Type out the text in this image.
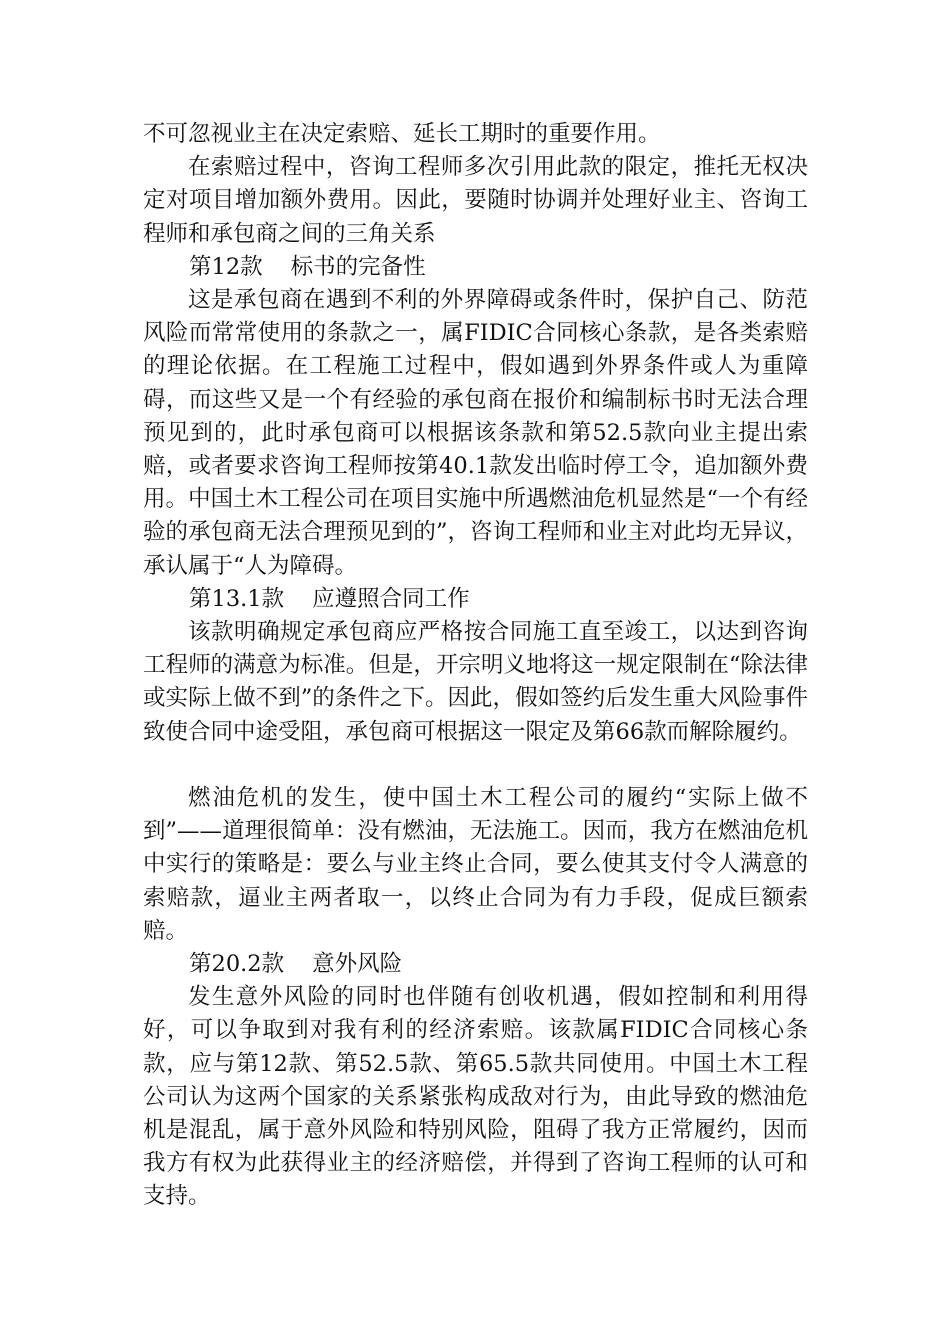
不可忽视业主在决定索赔、延长工期时的重要作用。

在索赔过程中，咨询工程师多次引用此款的限定，推托无权决定对项目增加额外费用。因此，要随时协调并处理好业主、咨询工程师和承包商之间的三角关系

第12款 标书的完备性

这是承包商在遇到不利的外界障碍或条件时，保护自己、防范风险而常常使用的条款之一，属FIDIC合同核心条款，是各类索赔的理论依据。在工程施工过程中，假如遇到外界条件或人为重障碍，而这些又是一个有经验的承包商在报价和编制标书时无法合理预见到的，此时承包商可以根据该条款和第52.5款向业主提出索赔，或者要求咨询工程师按第40.1款发出临时停工令，追加额外费用。中国土木工程公司在项目实施中所遇燃油危机显然是“一个有经验的承包商无法合理预见到的”，咨询工程师和业主对此均无异议，承认属于“人为障碍。

第13.1款 应遵照合同工作

该款明确规定承包商应严格按合同施工直至竣工，以达到咨询工程师的满意为标准。但是，开宗明义地将这一规定限制在“除法律或实际上做不到”的条件之下。因此，假如签约后发生重大风险事件致使合同中途受阻，承包商可根据这一限定及第66款而解除履约。

燃油危机的发生，使中国土木工程公司的履约“实际上做不到”——道理很简单：没有燃油，无法施工。因而，我方在燃油危机中实行的策略是：要么与业主终止合同，要么使其支付令人满意的索赔款，逼业主两者取一，以终止合同为有力手段，促成巨额索赔。

第20.2款 意外风险

发生意外风险的同时也伴随有创收机遇，假如控制和利用得好，可以争取到对我有利的经济索赔。该款属FIDIC合同核心条款，应与第12款、第52.5款、第65.5款共同使用。中国土木工程公司认为这两个国家的关系紧张构成敌对行为，由此导致的燃油危机是混乱，属于意外风险和特别风险，阻碍了我方正常履约，因而我方有权为此获得业主的经济赔偿，并得到了咨询工程师的认可和支持。
